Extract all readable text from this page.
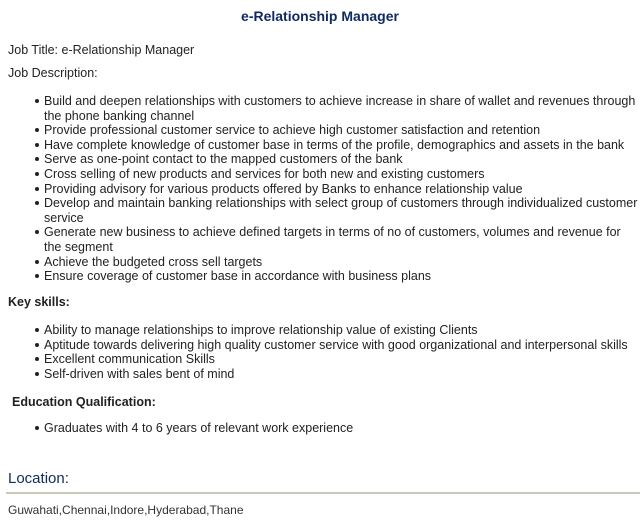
e-Relationship Manager
Job Title: e-Relationship Manager
Job Description:
Build and deepen relationships with customers to achieve increase in share of wallet and revenues through the phone banking channel
Provide professional customer service to achieve high customer satisfaction and retention
Have complete knowledge of customer base in terms of the profile, demographics and assets in the bank
Serve as one-point contact to the mapped customers of the bank
Cross selling of new products and services for both new and existing customers
Providing advisory for various products offered by Banks to enhance relationship value
Develop and maintain banking relationships with select group of customers through individualized customer service
Generate new business to achieve defined targets in terms of no of customers, volumes and revenue for the segment
Achieve the budgeted cross sell targets
Ensure coverage of customer base in accordance with business plans
Key skills:
Ability to manage relationships to improve relationship value of existing Clients
Aptitude towards delivering high quality customer service with good organizational and interpersonal skills
Excellent communication Skills
Self-driven with sales bent of mind
Education Qualification:
Graduates with 4 to 6 years of relevant work experience
Location:
Guwahati,Chennai,Indore,Hyderabad,Thane
